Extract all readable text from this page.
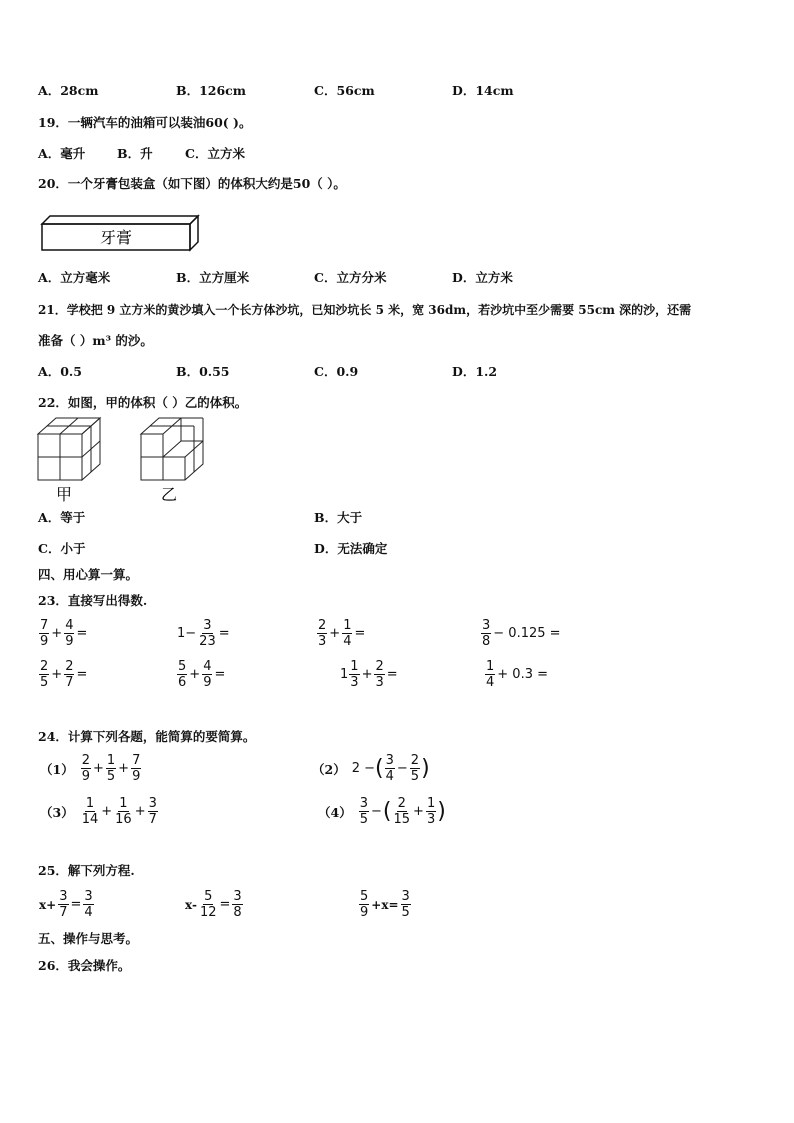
A．28cm	B．126cm	C．56cm	D．14cm
19．一辆汽车的油箱可以装油60( )。
A．毫升	B．升	C．立方米
20．一个牙膏包装盒（如下图）的体积大约是50（ ）。
牙膏
A．立方毫米	B．立方厘米	C．立方分米	D．立方米
21．学校把 9 立方米的黄沙填入一个长方体沙坑，已知沙坑长 5 米，宽 36dm，若沙坑中至少需要 55cm 深的沙，还需
准备（ ）m³ 的沙。
A．0.5	B．0.55	C．0.9	D．1.2
22．如图，甲的体积（ ）乙的体积。
甲	乙
A．等于	B．大于
C．小于	D．无法确定
四、用心算一算。
23．直接写出得数.
$\frac{7}{9} + \frac{4}{9}$ =	$1- \frac{3}{23}$ =	$\frac{2}{3} + \frac{1}{4}$ =	$\frac{3}{8} - 0.125$ =
$\frac{2}{5} + \frac{2}{7}$ =	$\frac{5}{6} + \frac{4}{9}$ =	$1 \frac{1}{3} + \frac{2}{3}$ =	$\frac{1}{4} + 0.3$ =
24．计算下列各题，能简算的要简算。
$(1) \frac{2}{9} + \frac{1}{5} + \frac{7}{9}$	（2） 2 − ( $\frac{3}{4} - \frac{2}{5}$ )
$(3) \frac{1}{14} + \frac{1}{16} + \frac{3}{7}$	$(4) \frac{3}{5}$ − ( $\frac{2}{15} + \frac{1}{3}$ )
25．解下列方程.
$x+ \frac{3}{7} = \frac{3}{4}$	$x- \frac{5}{12} = \frac{3}{8}$	$\frac{5}{9} +x= \frac{3}{5}$
五、操作与思考。
26．我会操作。
